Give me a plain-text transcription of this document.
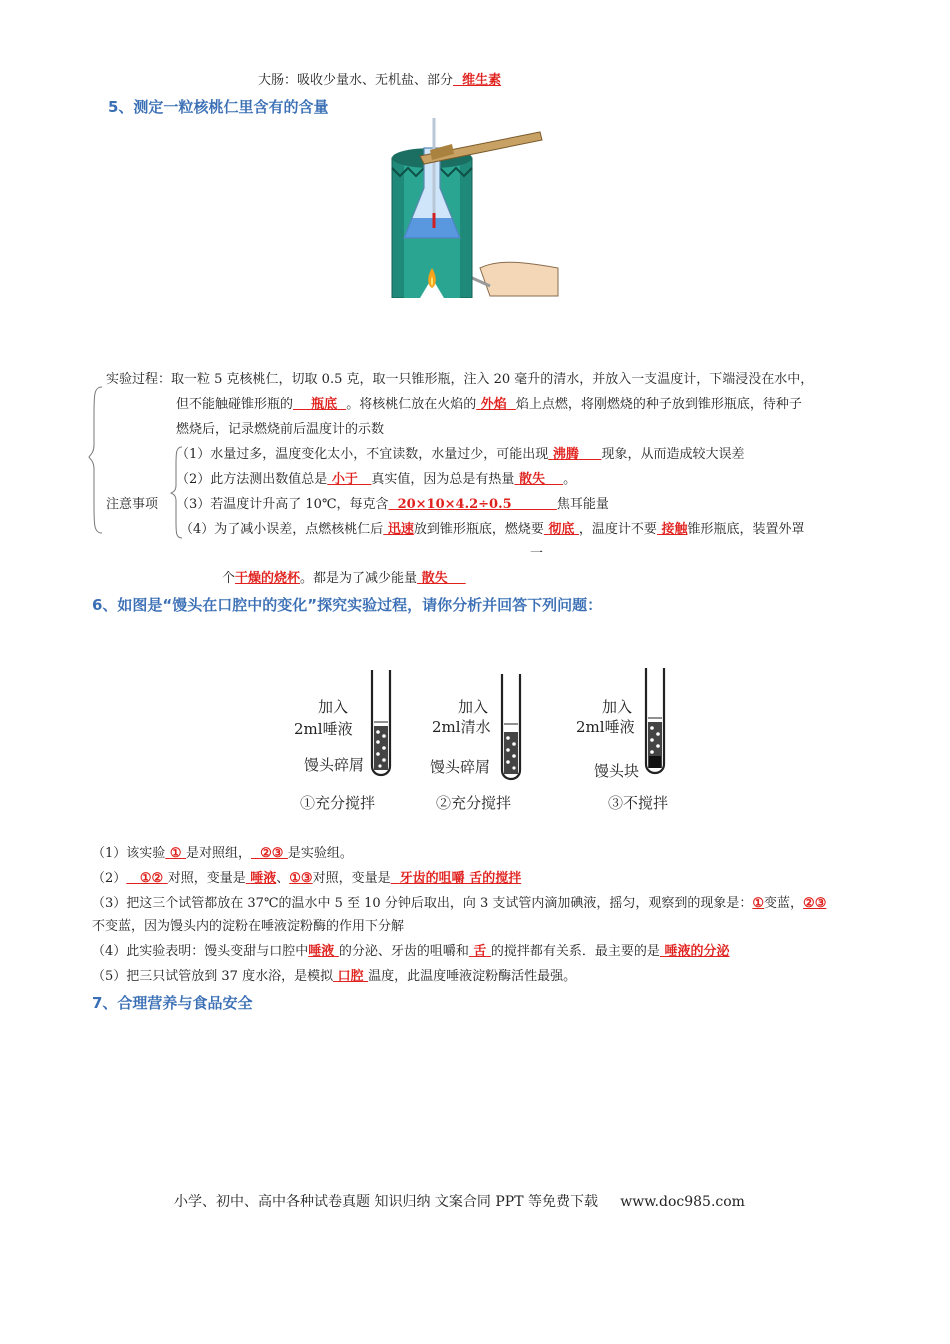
大肠：吸收少量水、无机盐、部分 维生素
5、测定一粒核桃仁里含有的含量
实验过程：取一粒 5 克核桃仁，切取 0.5 克，取一只锥形瓶，注入 20 毫升的清水，并放入一支温度计，下端浸没在水中，
但不能触碰锥形瓶的 瓶底 。将核桃仁放在火焰的 外焰 焰上点燃，将刚燃烧的种子放到锥形瓶底，待种子
燃烧后，记录燃烧前后温度计的示数
注意事项
（1）水量过多，温度变化太小，不宜读数，水量过少，可能出现 沸腾 现象，从而造成较大误差
（2）此方法测出数值总是 小于 真实值，因为总是有热量 散失 。
（3）若温度计升高了 10℃，每克含 20×10×4.2÷0.5	焦耳能量
（4）为了减小误差，点燃核桃仁后 迅速放到锥形瓶底，燃烧要 彻底 ，温度计不要 接触锥形瓶底，装置外罩
一
个干燥的烧杯。都是为了减少能量 散失
6、如图是“馒头在口腔中的变化”探究实验过程，请你分析并回答下列问题：
加入
2ml唾液
馒头碎屑
①充分搅拌
加入
2ml清水
馒头碎屑
②充分搅拌
加入
2ml唾液
馒头块
③不搅拌
（1）该实验 ① 是对照组， ②③ 是实验组。
（2） ①② 对照，变量是 唾液、①③对照，变量是 牙齿的咀嚼 舌的搅拌
（3）把这三个试管都放在 37℃的温水中 5 至 10 分钟后取出，向 3 支试管内滴加碘液，摇匀，观察到的现象是：①变蓝，②③
不变蓝，因为馒头内的淀粉在唾液淀粉酶的作用下分解
（4）此实验表明：馒头变甜与口腔中唾液 的分泌、牙齿的咀嚼和 舌 的搅拌都有关系．最主要的是 唾液的分泌
（5）把三只试管放到 37 度水浴，是模拟 口腔 温度，此温度唾液淀粉酶活性最强。
7、合理营养与食品安全
小学、初中、高中各种试卷真题 知识归纳 文案合同 PPT 等免费下载 www.doc985.com
